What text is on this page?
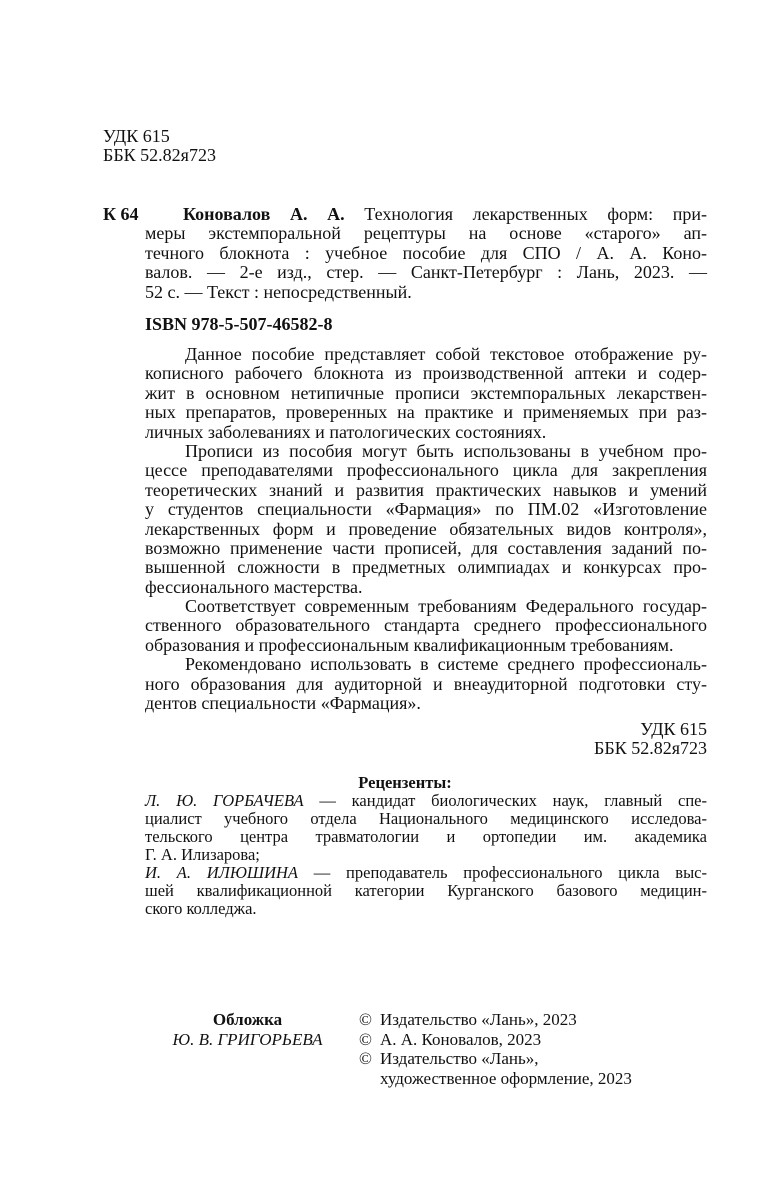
УДК 615
ББК 52.82я723
К 64 Коновалов А. А. Технология лекарственных форм: при-
меры экстемпоральной рецептуры на основе «старого» ап-
течного блокнота : учебное пособие для СПО / А. А. Коно-
валов. — 2-е изд., стер. — Санкт-Петербург : Лань, 2023. —
52 с. — Текст : непосредственный.
ISBN 978-5-507-46582-8
Данное пособие представляет собой текстовое отображение ру-
кописного рабочего блокнота из производственной аптеки и содер-
жит в основном нетипичные прописи экстемпоральных лекарствен-
ных препаратов, проверенных на практике и применяемых при раз-
личных заболеваниях и патологических состояниях.
Прописи из пособия могут быть использованы в учебном про-
цессе преподавателями профессионального цикла для закрепления
теоретических знаний и развития практических навыков и умений
у студентов специальности «Фармация» по ПМ.02 «Изготовление
лекарственных форм и проведение обязательных видов контроля»,
возможно применение части прописей, для составления заданий по-
вышенной сложности в предметных олимпиадах и конкурсах про-
фессионального мастерства.
Соответствует современным требованиям Федерального государ-
ственного образовательного стандарта среднего профессионального
образования и профессиональным квалификационным требованиям.
Рекомендовано использовать в системе среднего профессиональ-
ного образования для аудиторной и внеаудиторной подготовки сту-
дентов специальности «Фармация».
УДК 615
ББК 52.82я723
Рецензенты:
Л. Ю. ГОРБАЧЕВА — кандидат биологических наук, главный спе-
циалист учебного отдела Национального медицинского исследова-
тельского центра травматологии и ортопедии им. академика
Г. А. Илизарова;
И. А. ИЛЮШИНА — преподаватель профессионального цикла выс-
шей квалификационной категории Курганского базового медицин-
ского колледжа.
Обложка
Ю. В. ГРИГОРЬЕВА
© Издательство «Лань», 2023
© А. А. Коновалов, 2023
© Издательство «Лань»,
художественное оформление, 2023
